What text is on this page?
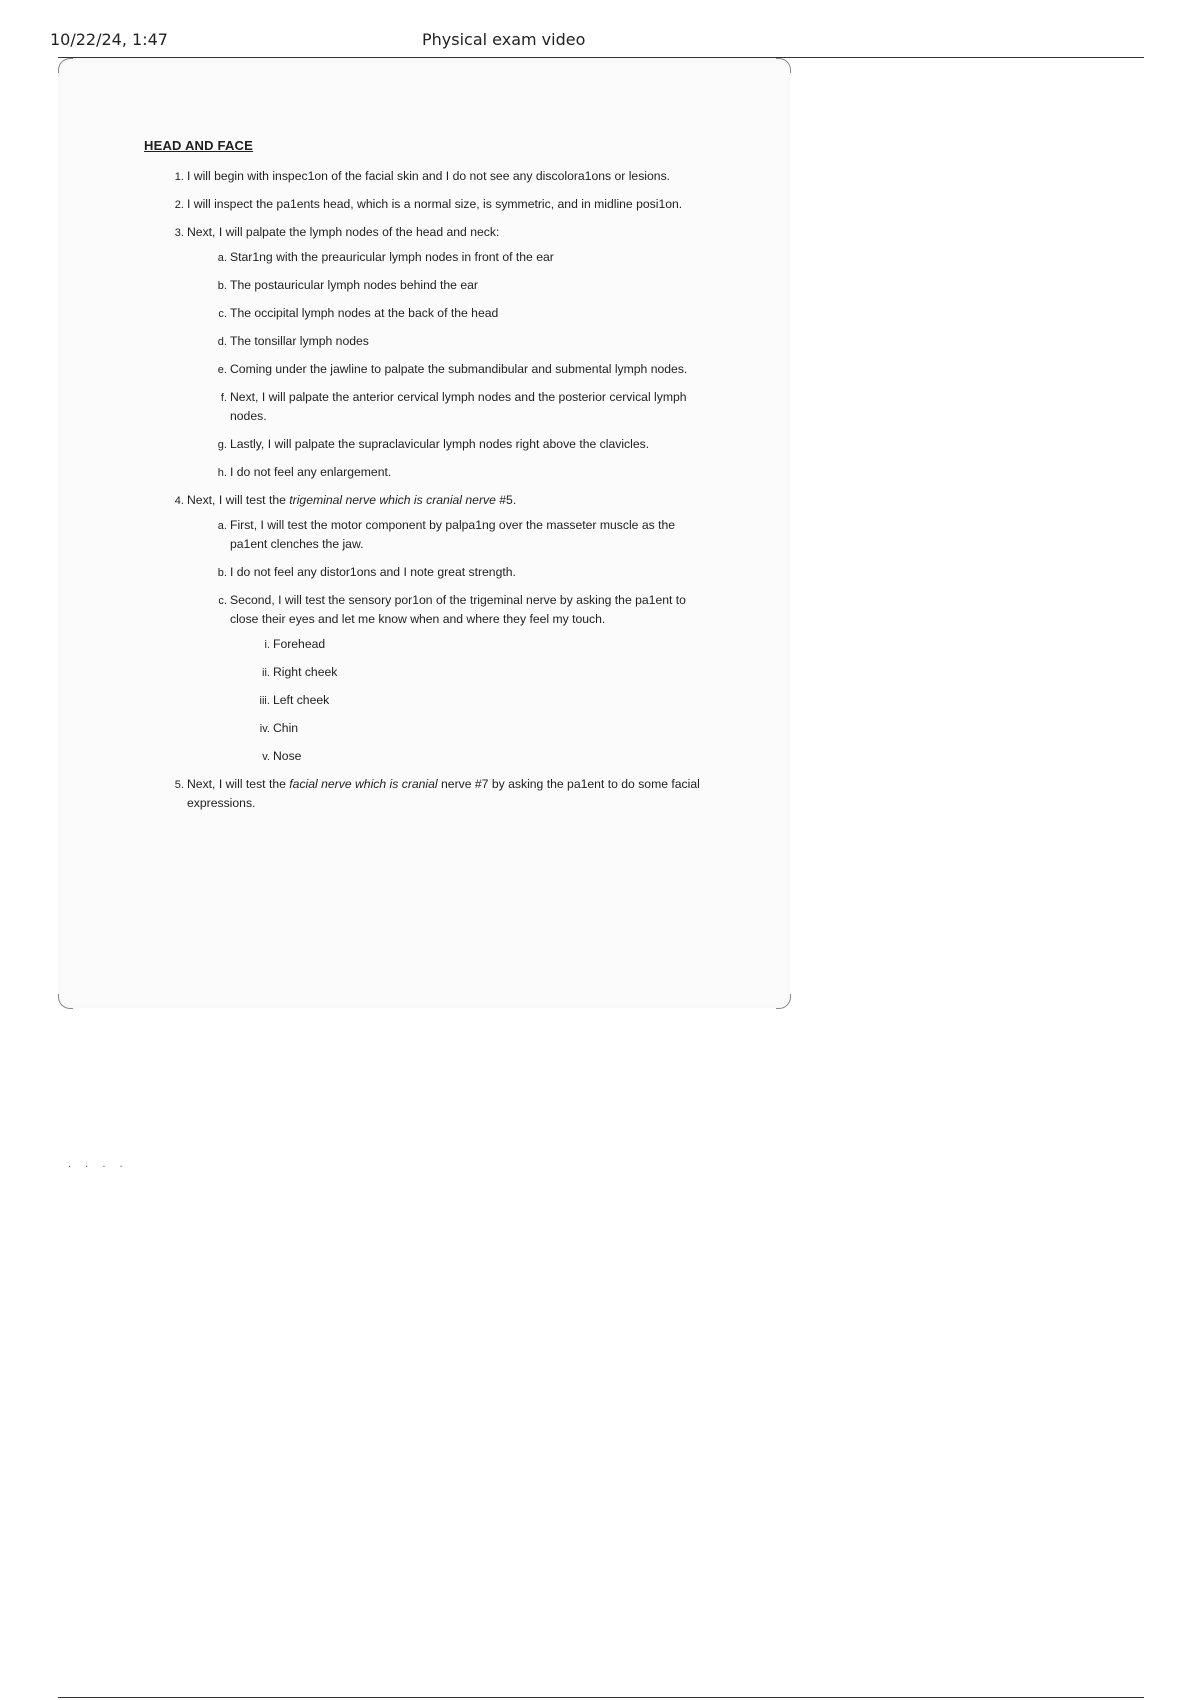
10/22/24, 1:47	Physical exam video
HEAD AND FACE
1. I will begin with inspec1on of the facial skin and I do not see any discolora1ons or lesions.
2. I will inspect the pa1ents head, which is a normal size, is symmetric, and in midline posi1on.
3. Next, I will palpate the lymph nodes of the head and neck:
a. Star1ng with the preauricular lymph nodes in front of the ear
b. The postauricular lymph nodes behind the ear
c. The occipital lymph nodes at the back of the head
d. The tonsillar lymph nodes
e. Coming under the jawline to palpate the submandibular and submental lymph nodes.
f. Next, I will palpate the anterior cervical lymph nodes and the posterior cervical lymph nodes.
g. Lastly, I will palpate the supraclavicular lymph nodes right above the clavicles.
h. I do not feel any enlargement.
4. Next, I will test the trigeminal nerve which is cranial nerve #5.
a. First, I will test the motor component by palpa1ng over the masseter muscle as the pa1ent clenches the jaw.
b. I do not feel any distor1ons and I note great strength.
c. Second, I will test the sensory por1on of the trigeminal nerve by asking the pa1ent to close their eyes and let me know when and where they feel my touch.
i. Forehead
ii. Right cheek
iii. Left cheek
iv. Chin
v. Nose
5. Next, I will test the facial nerve which is cranial nerve #7 by asking the pa1ent to do some facial expressions.
· · · ·
